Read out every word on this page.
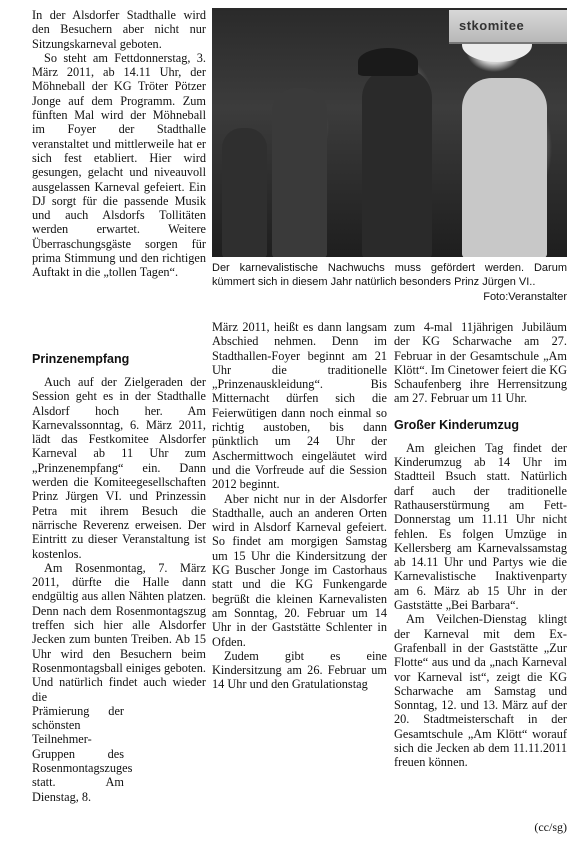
In der Alsdorfer Stadthalle wird den Besuchern aber nicht nur Sitzungskarneval geboten.

So steht am Fettdonnerstag, 3. März 2011, ab 14.11 Uhr, der Möhneball der KG Tröter Pötzer Jonge auf dem Programm. Zum fünften Mal wird der Möhneball im Foyer der Stadthalle veranstaltet und mittlerweile hat er sich fest etabliert. Hier wird gesungen, gelacht und niveauvoll ausgelassen Karneval gefeiert. Ein DJ sorgt für die passende Musik und auch Alsdorfs Tollitäten werden erwartet. Weitere Überraschungsgäste sorgen für prima Stimmung und den richtigen Auftakt in die „tollen Tagen“.

Prinzenempfang

Auch auf der Zielgeraden der Session geht es in der Stadthalle Alsdorf hoch her. Am Karnevalssonntag, 6. März 2011, lädt das Festkomitee Alsdorfer Karneval ab 11 Uhr zum „Prinzenempfang“ ein. Dann werden die Komiteegesellschaften Prinz Jürgen VI. und Prinzessin Petra mit ihrem Besuch die närrische Reverenz erweisen. Der Eintritt zu dieser Veranstaltung ist kostenlos.

Am Rosenmontag, 7. März 2011, dürfte die Halle dann endgültig aus allen Nähten platzen. Denn nach dem Rosenmontagszug treffen sich hier alle Alsdorfer Jecken zum bunten Treiben. Ab 15 Uhr wird den Besuchern beim Rosenmontagsball einiges geboten. Und natürlich findet auch wieder die

Prämierung der schönsten Teilnehmer-Gruppen des Rosenmontagszuges statt. Am Dienstag, 8.

stkomitee
Der karnevalistische Nachwuchs muss gefördert werden. Darum kümmert sich in diesem Jahr natürlich besonders Prinz Jürgen VI..
Foto:Veranstalter

März 2011, heißt es dann langsam Abschied nehmen. Denn im Stadthallen-Foyer beginnt am 21 Uhr die traditionelle „Prinzenauskleidung“. Bis Mitternacht dürfen sich die Feierwütigen dann noch einmal so richtig austoben, bis dann pünktlich um 24 Uhr der Aschermittwoch eingeläutet wird und die Vorfreude auf die Session 2012 beginnt.

Aber nicht nur in der Alsdorfer Stadthalle, auch an anderen Orten wird in Alsdorf Karneval gefeiert. So findet am morgigen Samstag um 15 Uhr die Kindersitzung der KG Buscher Jonge im Castorhaus statt und die KG Funkengarde begrüßt die kleinen Karnevalisten am Sonntag, 20. Februar um 14 Uhr in der Gaststätte Schlenter in Ofden.

Zudem gibt es eine Kindersitzung am 26. Februar um 14 Uhr und den Gratulationstag

zum 4-mal 11jährigen Jubiläum der KG Scharwache am 27. Februar in der Gesamtschule „Am Klött“. Im Cinetower feiert die KG Schaufenberg ihre Herrensitzung am 27. Februar um 11 Uhr.

Großer Kinderumzug

Am gleichen Tag findet der Kinderumzug ab 14 Uhr im Stadtteil Bsuch statt. Natürlich darf auch der traditionelle Rathauserstürmung am Fett-Donnerstag um 11.11 Uhr nicht fehlen. Es folgen Umzüge in Kellersberg am Karnevalssamstag ab 14.11 Uhr und Partys wie die Karnevalistische Inaktivenparty am 6. März ab 15 Uhr in der Gaststätte „Bei Barbara“.

Am Veilchen-Dienstag klingt der Karneval mit dem Ex-Grafenball in der Gaststätte „Zur Flotte“ aus und da „nach Karneval vor Karneval ist“, zeigt die KG Scharwache am Samstag und Sonntag, 12. und 13. März auf der 20. Stadtmeisterschaft in der Gesamtschule „Am Klött“ worauf sich die Jecken ab dem 11.11.2011 freuen können.

(cc/sg)
